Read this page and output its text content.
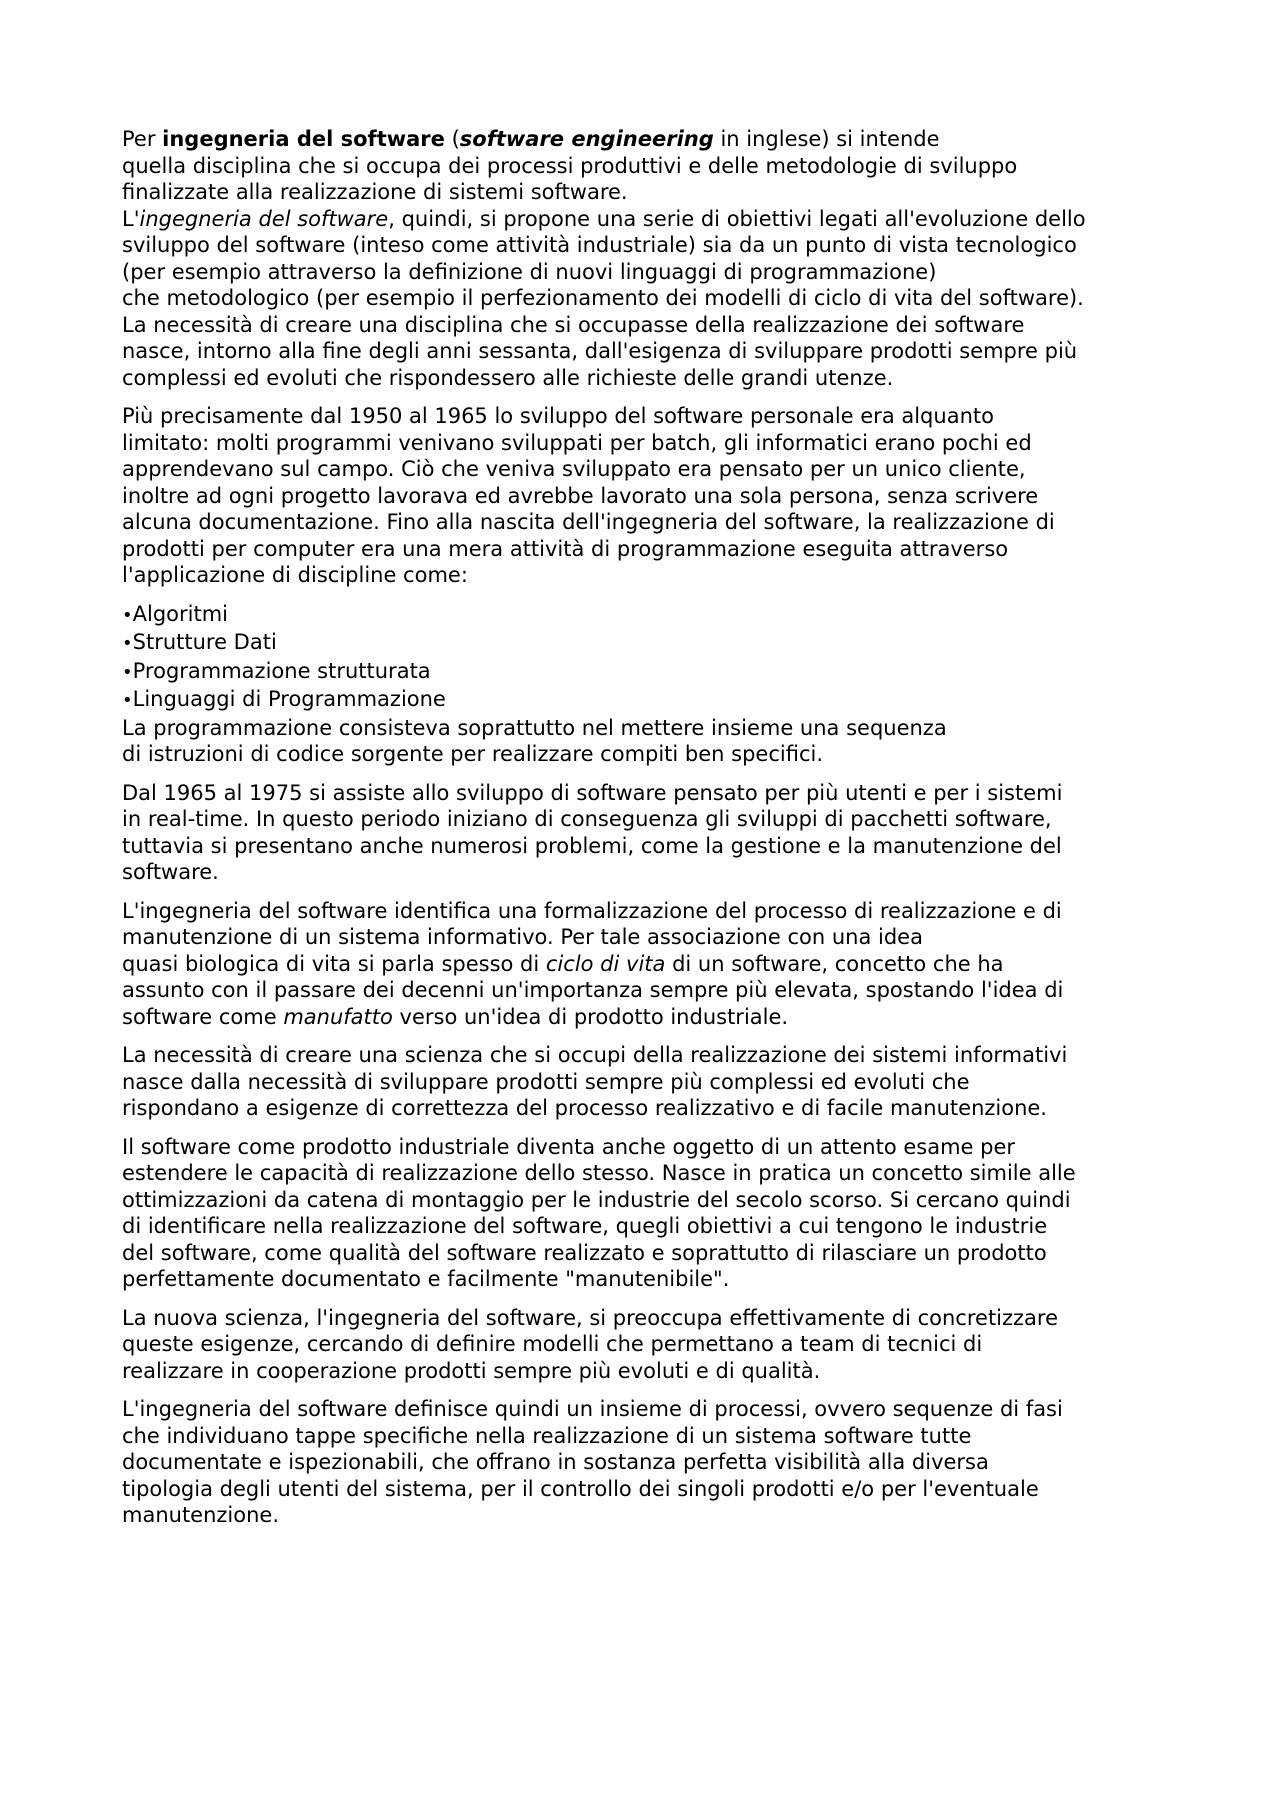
Per ingegneria del software (software engineering in inglese) si intende
quella disciplina che si occupa dei processi produttivi e delle metodologie di sviluppo
finalizzate alla realizzazione di sistemi software.
L'ingegneria del software, quindi, si propone una serie di obiettivi legati all'evoluzione dello
sviluppo del software (inteso come attività industriale) sia da un punto di vista tecnologico
(per esempio attraverso la definizione di nuovi linguaggi di programmazione)
che metodologico (per esempio il perfezionamento dei modelli di ciclo di vita del software).
La necessità di creare una disciplina che si occupasse della realizzazione dei software
nasce, intorno alla fine degli anni sessanta, dall'esigenza di sviluppare prodotti sempre più
complessi ed evoluti che rispondessero alle richieste delle grandi utenze.
Più precisamente dal 1950 al 1965 lo sviluppo del software personale era alquanto
limitato: molti programmi venivano sviluppati per batch, gli informatici erano pochi ed
apprendevano sul campo. Ciò che veniva sviluppato era pensato per un unico cliente,
inoltre ad ogni progetto lavorava ed avrebbe lavorato una sola persona, senza scrivere
alcuna documentazione. Fino alla nascita dell'ingegneria del software, la realizzazione di
prodotti per computer era una mera attività di programmazione eseguita attraverso
l'applicazione di discipline come:
•Algoritmi
•Strutture Dati
•Programmazione strutturata
•Linguaggi di Programmazione
La programmazione consisteva soprattutto nel mettere insieme una sequenza
di istruzioni di codice sorgente per realizzare compiti ben specifici.
Dal 1965 al 1975 si assiste allo sviluppo di software pensato per più utenti e per i sistemi
in real-time. In questo periodo iniziano di conseguenza gli sviluppi di pacchetti software,
tuttavia si presentano anche numerosi problemi, come la gestione e la manutenzione del
software.
L'ingegneria del software identifica una formalizzazione del processo di realizzazione e di
manutenzione di un sistema informativo. Per tale associazione con una idea
quasi biologica di vita si parla spesso di ciclo di vita di un software, concetto che ha
assunto con il passare dei decenni un'importanza sempre più elevata, spostando l'idea di
software come manufatto verso un'idea di prodotto industriale.
La necessità di creare una scienza che si occupi della realizzazione dei sistemi informativi
nasce dalla necessità di sviluppare prodotti sempre più complessi ed evoluti che
rispondano a esigenze di correttezza del processo realizzativo e di facile manutenzione.
Il software come prodotto industriale diventa anche oggetto di un attento esame per
estendere le capacità di realizzazione dello stesso. Nasce in pratica un concetto simile alle
ottimizzazioni da catena di montaggio per le industrie del secolo scorso. Si cercano quindi
di identificare nella realizzazione del software, quegli obiettivi a cui tengono le industrie
del software, come qualità del software realizzato e soprattutto di rilasciare un prodotto
perfettamente documentato e facilmente "manutenibile".
La nuova scienza, l'ingegneria del software, si preoccupa effettivamente di concretizzare
queste esigenze, cercando di definire modelli che permettano a team di tecnici di
realizzare in cooperazione prodotti sempre più evoluti e di qualità.
L'ingegneria del software definisce quindi un insieme di processi, ovvero sequenze di fasi
che individuano tappe specifiche nella realizzazione di un sistema software tutte
documentate e ispezionabili, che offrano in sostanza perfetta visibilità alla diversa
tipologia degli utenti del sistema, per il controllo dei singoli prodotti e/o per l'eventuale
manutenzione.
